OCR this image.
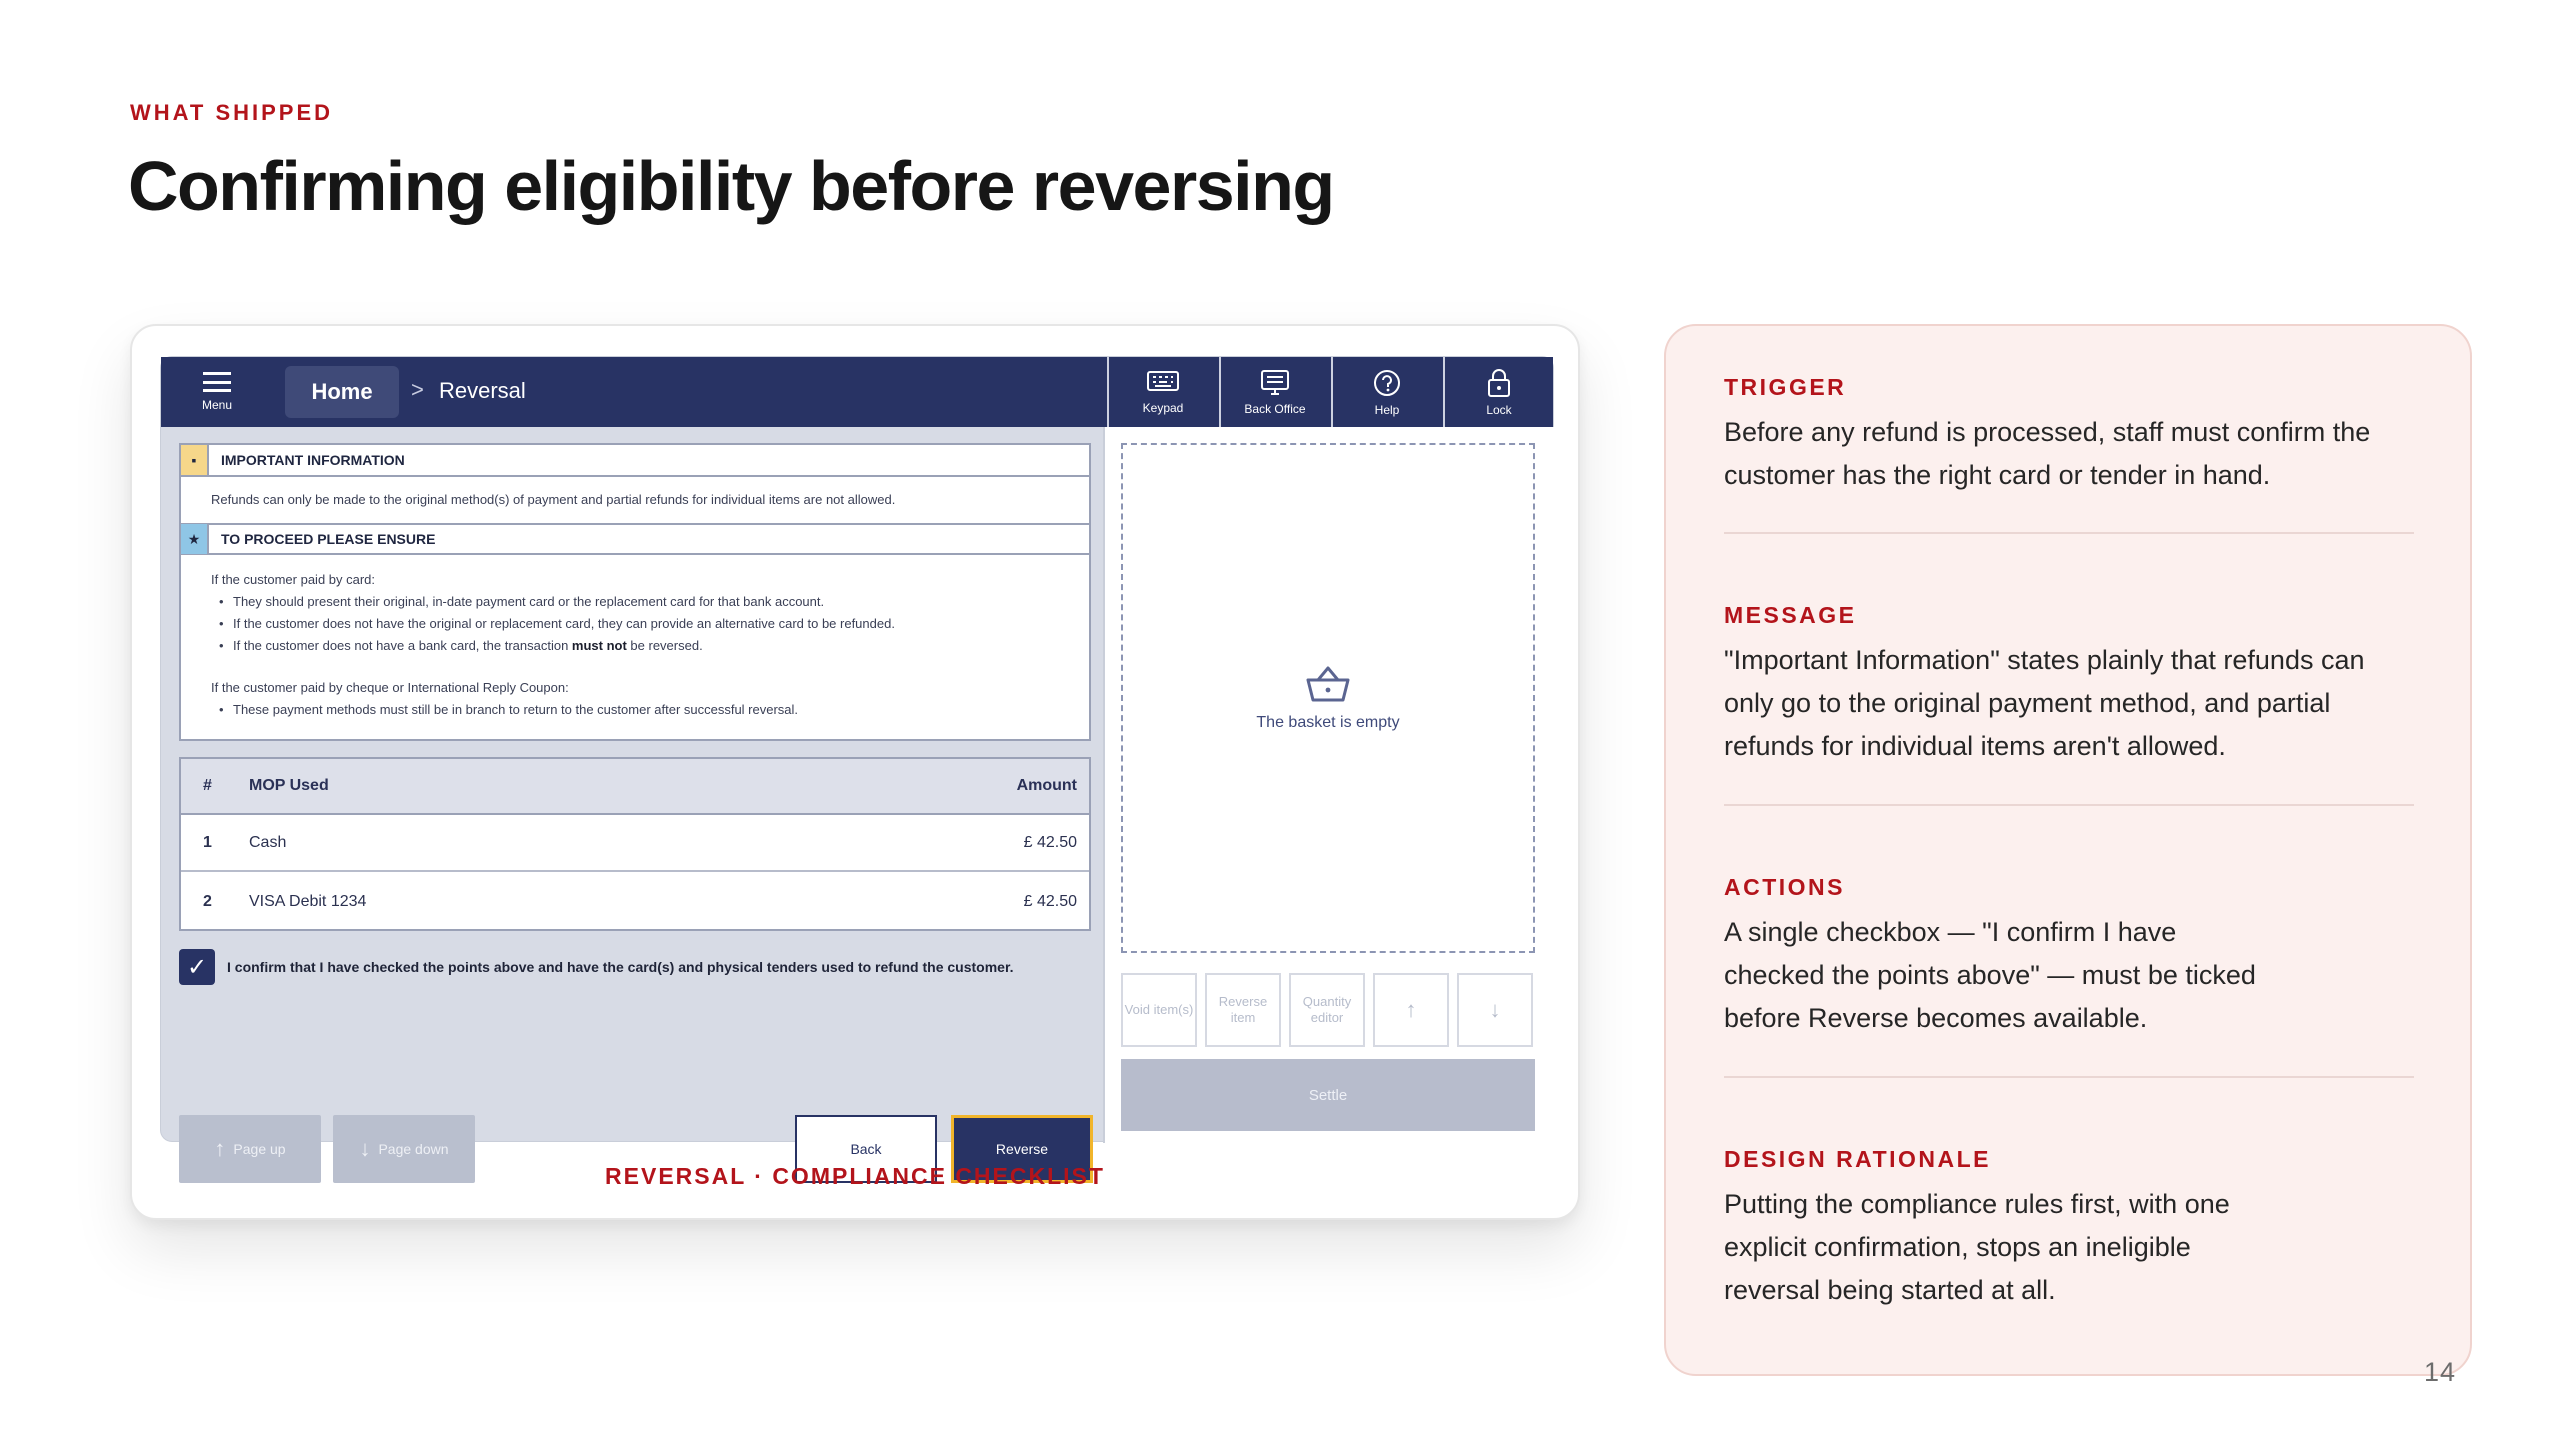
WHAT SHIPPED
Confirming eligibility before reversing
Menu
Home	> Reversal
Keypad	Back Office	Help	Lock
▪	IMPORTANT INFORMATION
Refunds can only be made to the original method(s) of payment and partial refunds for individual items are not allowed.
★	TO PROCEED PLEASE ENSURE
If the customer paid by card:
• They should present their original, in-date payment card or the replacement card for that bank account.
• If the customer does not have the original or replacement card, they can provide an alternative card to be refunded.
• If the customer does not have a bank card, the transaction must not be reversed.
If the customer paid by cheque or International Reply Coupon:
• These payment methods must still be in branch to return to the customer after successful reversal.
#	MOP Used	Amount
1	Cash	£ 42.50
2	VISA Debit 1234	£ 42.50
✓	I confirm that I have checked the points above and have the card(s) and physical tenders used to refund the customer.
↑ Page up	↓ Page down	Back	Reverse
The basket is empty
Void item(s)
Reverse item
Quantity editor	↑	↓
Settle
REVERSAL · COMPLIANCE CHECKLIST
TRIGGER
Before any refund is processed, staff must confirm the customer has the right card or tender in hand.
MESSAGE
"Important Information" states plainly that refunds can only go to the original payment method, and partial refunds for individual items aren't allowed.
ACTIONS
A single checkbox — "I confirm I have checked the points above" — must be ticked before Reverse becomes available.
DESIGN RATIONALE
Putting the compliance rules first, with one explicit confirmation, stops an ineligible reversal being started at all.
14
